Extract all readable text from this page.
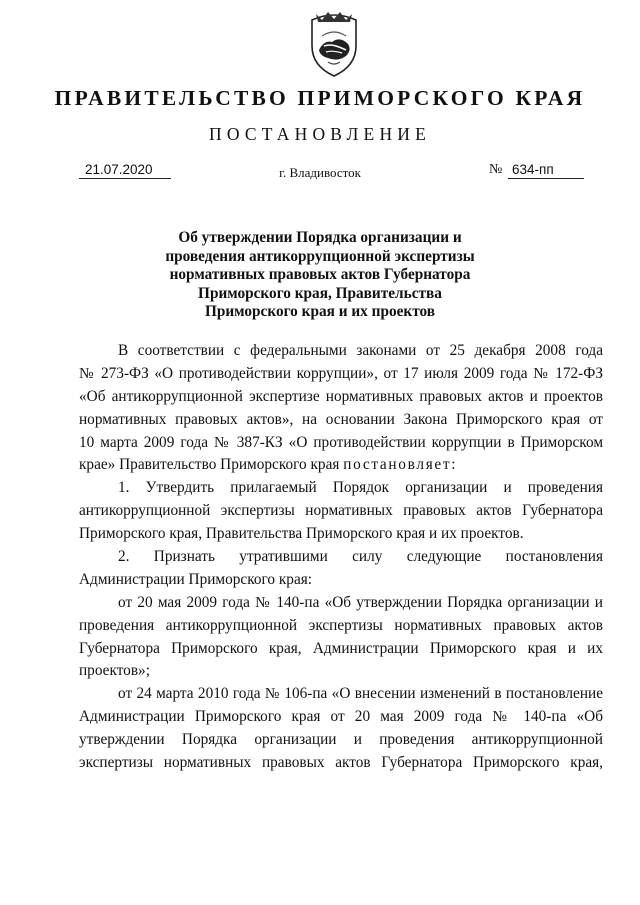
ПРАВИТЕЛЬСТВО ПРИМОРСКОГО КРАЯ
ПОСТАНОВЛЕНИЕ
21.07.2020	г. Владивосток	№ 634-пп
Об утверждении Порядка организации и
проведения антикоррупционной экспертизы
нормативных правовых актов Губернатора
Приморского края, Правительства
Приморского края и их проектов
В соответствии с федеральными законами от 25 декабря 2008 года
№ 273-ФЗ «О противодействии коррупции», от 17 июля 2009 года № 172-ФЗ
«Об антикоррупционной экспертизе нормативных правовых актов и проектов
нормативных правовых актов», на основании Закона Приморского края от
10 марта 2009 года № 387-КЗ «О противодействии коррупции в Приморском
крае» Правительство Приморского края постановляет:
1. Утвердить прилагаемый Порядок организации и проведения
антикоррупционной экспертизы нормативных правовых актов Губернатора
Приморского края, Правительства Приморского края и их проектов.
2. Признать утратившими силу следующие постановления
Администрации Приморского края:
от 20 мая 2009 года № 140-па «Об утверждении Порядка организации и
проведения антикоррупционной экспертизы нормативных правовых актов
Губернатора Приморского края, Администрации Приморского края и их
проектов»;
от 24 марта 2010 года № 106-па «О внесении изменений в постановление
Администрации Приморского края от 20 мая 2009 года № 140-па «Об
утверждении Порядка организации и проведения антикоррупционной
экспертизы нормативных правовых актов Губернатора Приморского края,
